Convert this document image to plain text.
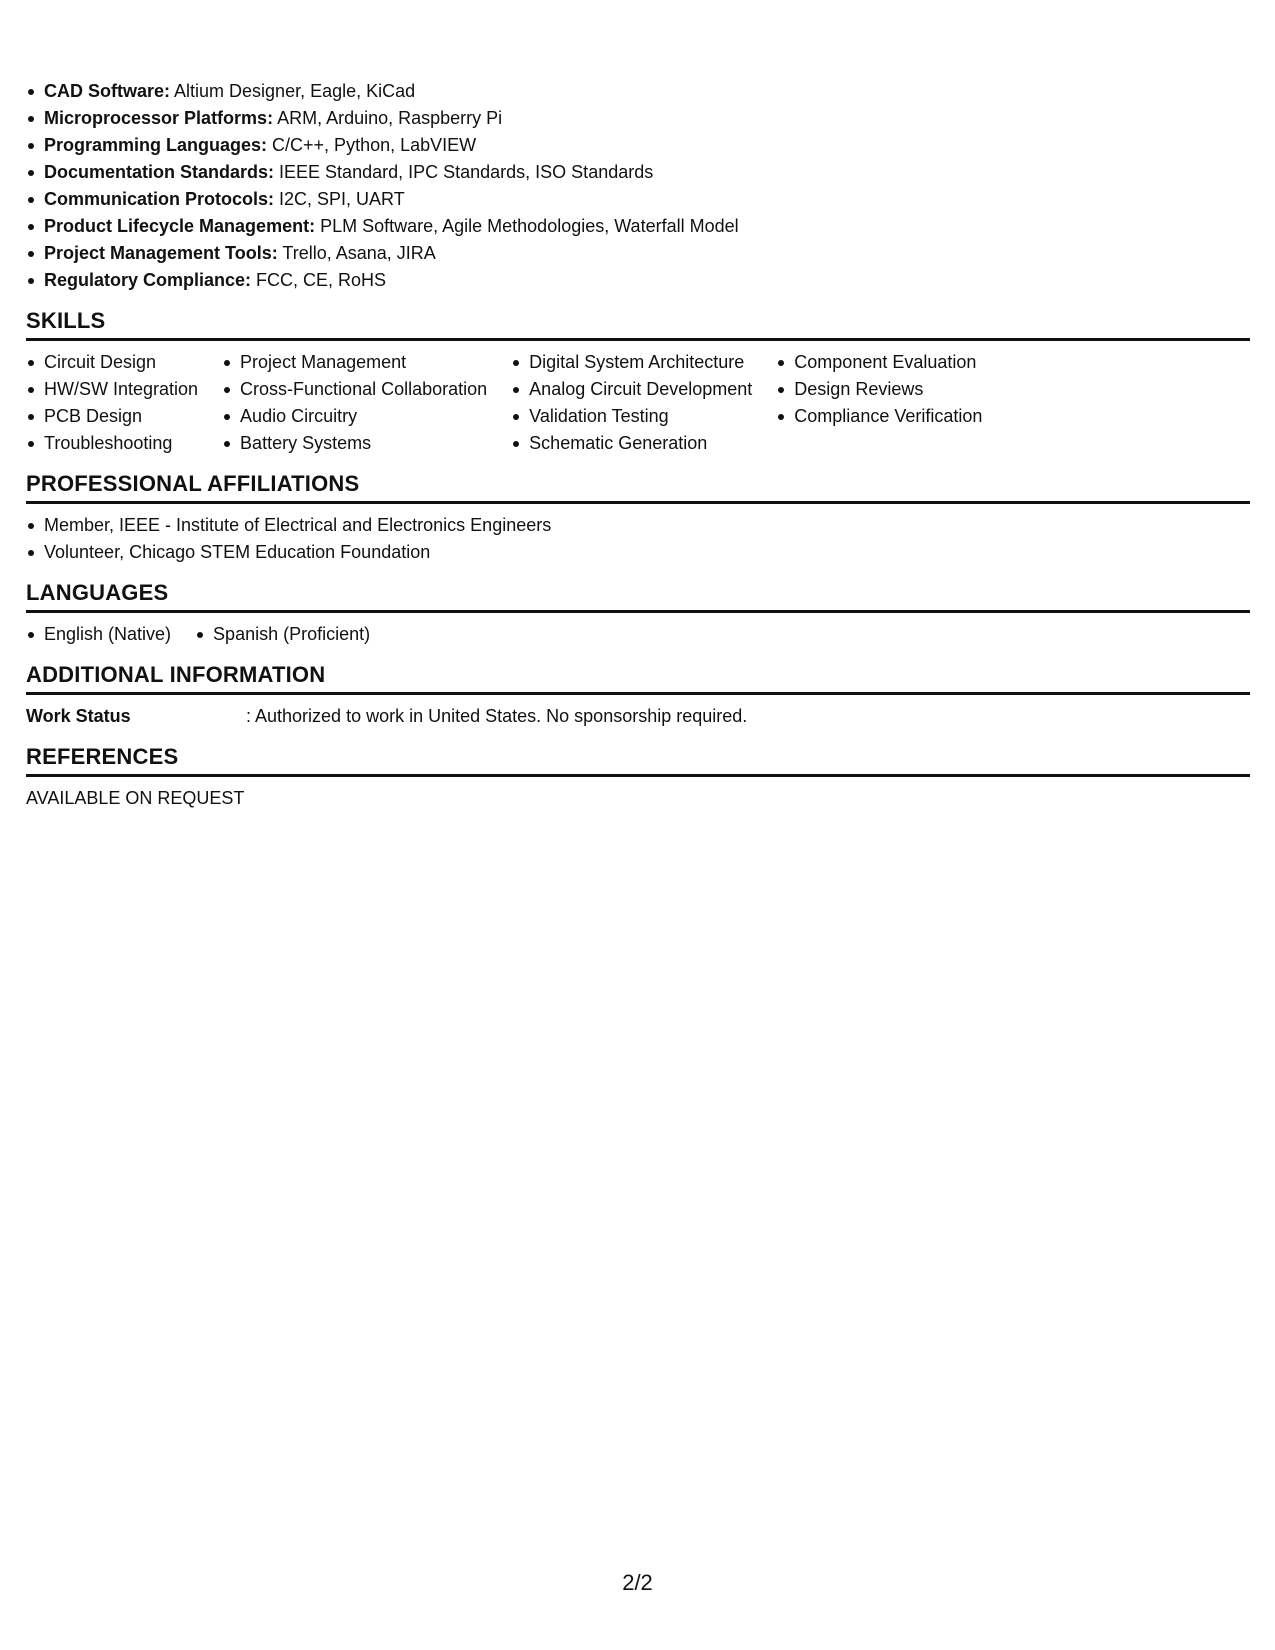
CAD Software: Altium Designer, Eagle, KiCad
Microprocessor Platforms: ARM, Arduino, Raspberry Pi
Programming Languages: C/C++, Python, LabVIEW
Documentation Standards: IEEE Standard, IPC Standards, ISO Standards
Communication Protocols: I2C, SPI, UART
Product Lifecycle Management: PLM Software, Agile Methodologies, Waterfall Model
Project Management Tools: Trello, Asana, JIRA
Regulatory Compliance: FCC, CE, RoHS
SKILLS
Circuit Design
HW/SW Integration
PCB Design
Troubleshooting
Project Management
Cross-Functional Collaboration
Audio Circuitry
Battery Systems
Digital System Architecture
Analog Circuit Development
Validation Testing
Schematic Generation
Component Evaluation
Design Reviews
Compliance Verification
PROFESSIONAL AFFILIATIONS
Member, IEEE - Institute of Electrical and Electronics Engineers
Volunteer, Chicago STEM Education Foundation
LANGUAGES
English (Native)	Spanish (Proficient)
ADDITIONAL INFORMATION
Work Status	: Authorized to work in United States. No sponsorship required.
REFERENCES
AVAILABLE ON REQUEST
2/2
